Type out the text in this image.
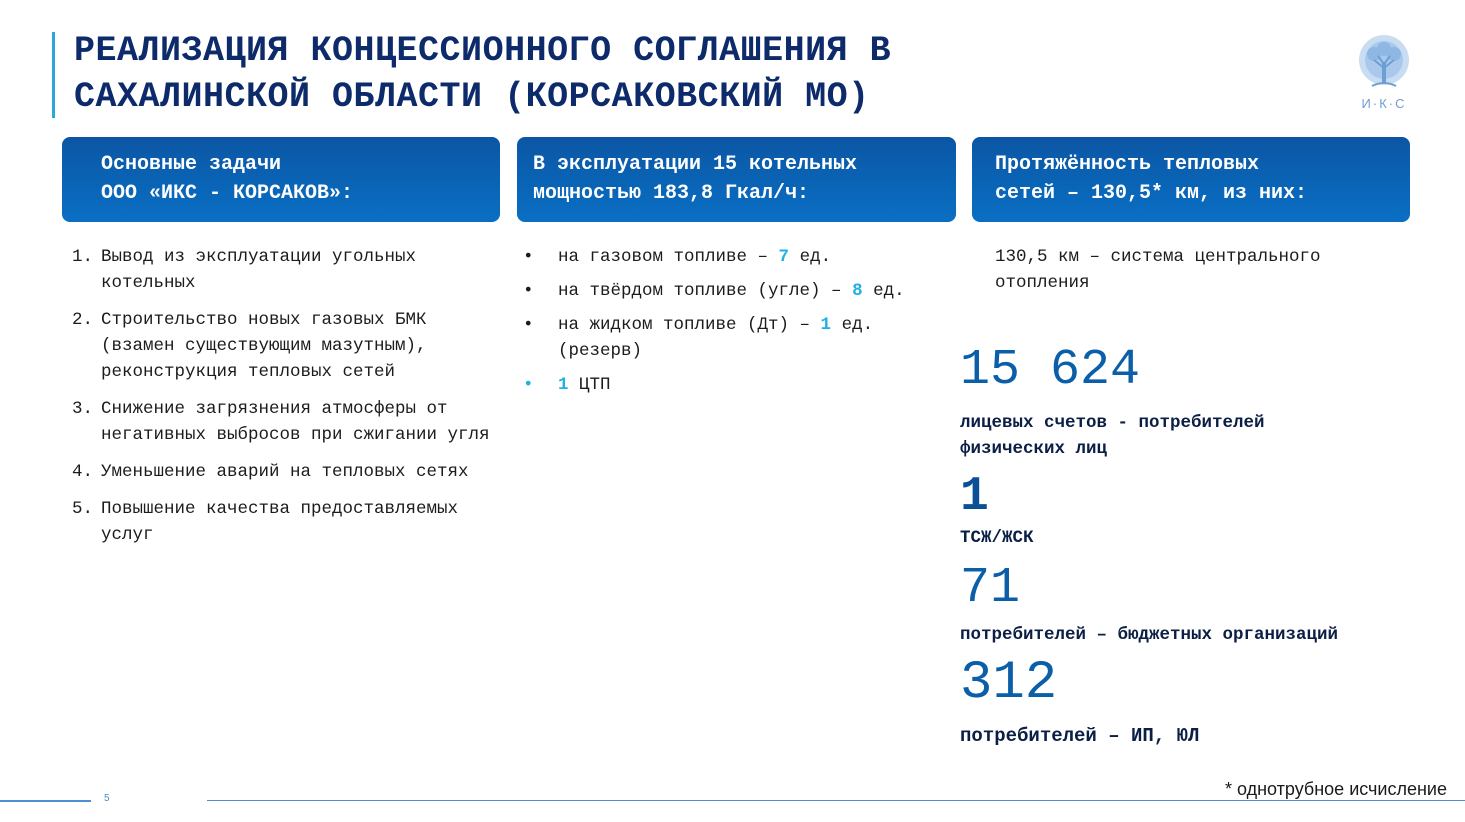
РЕАЛИЗАЦИЯ КОНЦЕССИОННОГО СОГЛАШЕНИЯ В
САХАЛИНСКОЙ ОБЛАСТИ (КОРСАКОВСКИЙ МО)	И·К·С
Основные задачи
ООО «ИКС - КОРСАКОВ»:
В эксплуатации 15 котельных
мощностью 183,8 Гкал/ч:
Протяжённость тепловых
сетей – 130,5* км, из них:
1. Вывод из эксплуатации угольных котельных
2. Строительство новых газовых БМК (взамен существующим мазутным), реконструкция тепловых сетей
3. Снижение загрязнения атмосферы от негативных выбросов при сжигании угля
4. Уменьшение аварий на тепловых сетях
5. Повышение качества предоставляемых услуг
• на газовом топливе – 7 ед.
• на твёрдом топливе (угле) – 8 ед.
• на жидком топливе (Дт) – 1 ед. (резерв)
• 1 ЦТП
130,5 км – система центрального отопления
15 624
лицевых счетов - потребителей физических лиц
1
ТСЖ/ЖСК
71
потребителей – бюджетных организаций
312
потребителей – ИП, ЮЛ
5	* однотрубное исчисление
